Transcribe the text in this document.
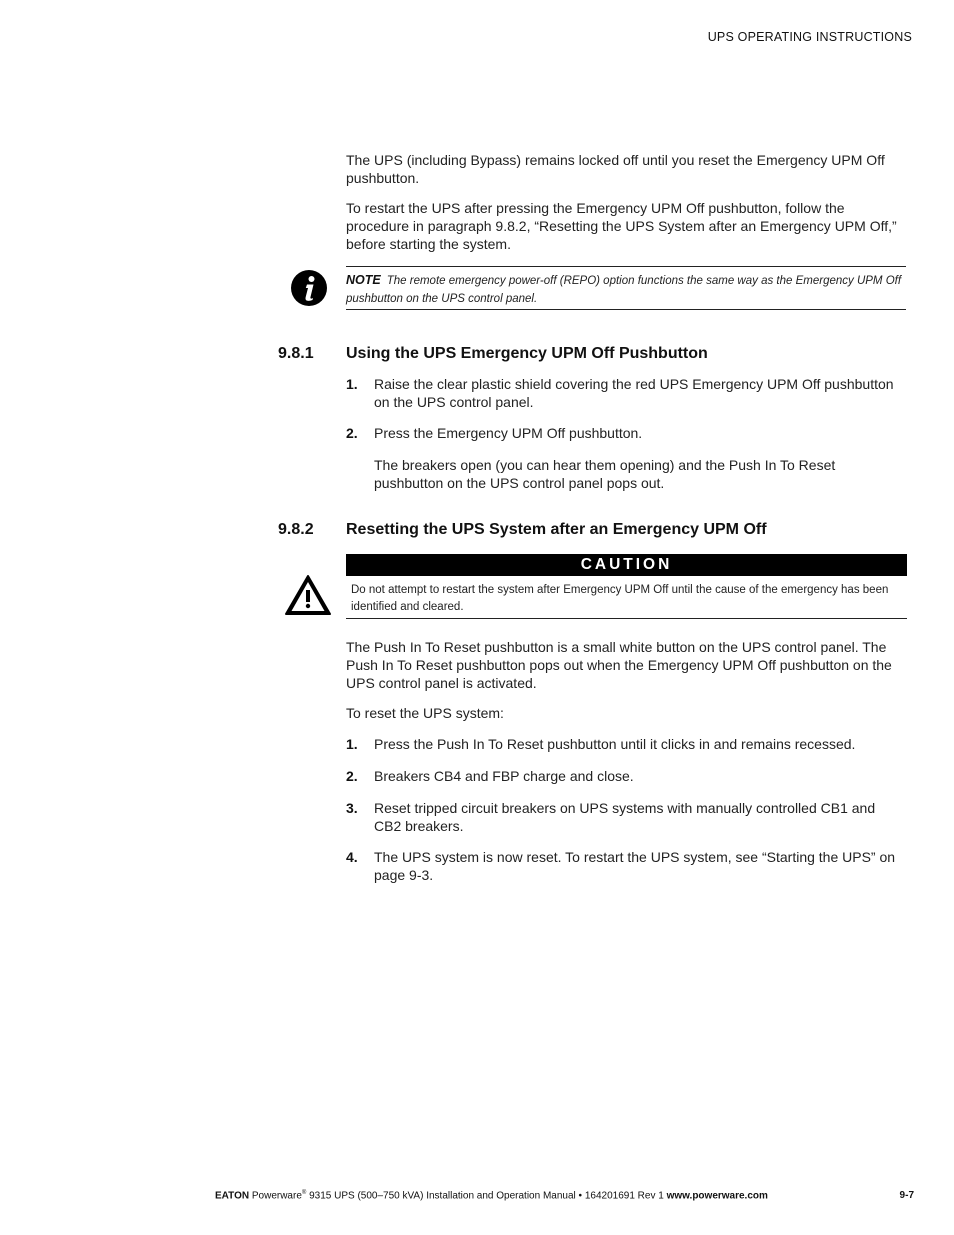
UPS OPERATING INSTRUCTIONS

The UPS (including Bypass) remains locked off until you reset the Emergency UPM Off pushbutton.

To restart the UPS after pressing the Emergency UPM Off pushbutton, follow the procedure in paragraph 9.8.2, “Resetting the UPS System after an Emergency UPM Off,” before starting the system.

NOTE The remote emergency power-off (REPO) option functions the same way as the Emergency UPM Off pushbutton on the UPS control panel.
9.8.1 Using the UPS Emergency UPM Off Pushbutton
1. Raise the clear plastic shield covering the red UPS Emergency UPM Off pushbutton on the UPS control panel.

2. Press the Emergency UPM Off pushbutton.

The breakers open (you can hear them opening) and the Push In To Reset pushbutton on the UPS control panel pops out.

9.8.2 Resetting the UPS System after an Emergency UPM Off
CAUTION
Do not attempt to restart the system after Emergency UPM Off until the cause of the emergency has been identified and cleared.

The Push In To Reset pushbutton is a small white button on the UPS control panel. The Push In To Reset pushbutton pops out when the Emergency UPM Off pushbutton on the UPS control panel is activated.

To reset the UPS system:

1. Press the Push In To Reset pushbutton until it clicks in and remains recessed.

2. Breakers CB4 and FBP charge and close.

3. Reset tripped circuit breakers on UPS systems with manually controlled CB1 and CB2 breakers.

4. The UPS system is now reset. To restart the UPS system, see “Starting the UPS” on page 9-3.

EATON Powerware® 9315 UPS (500–750 kVA) Installation and Operation Manual • 164201691 Rev 1 www.powerware.com	9-7
